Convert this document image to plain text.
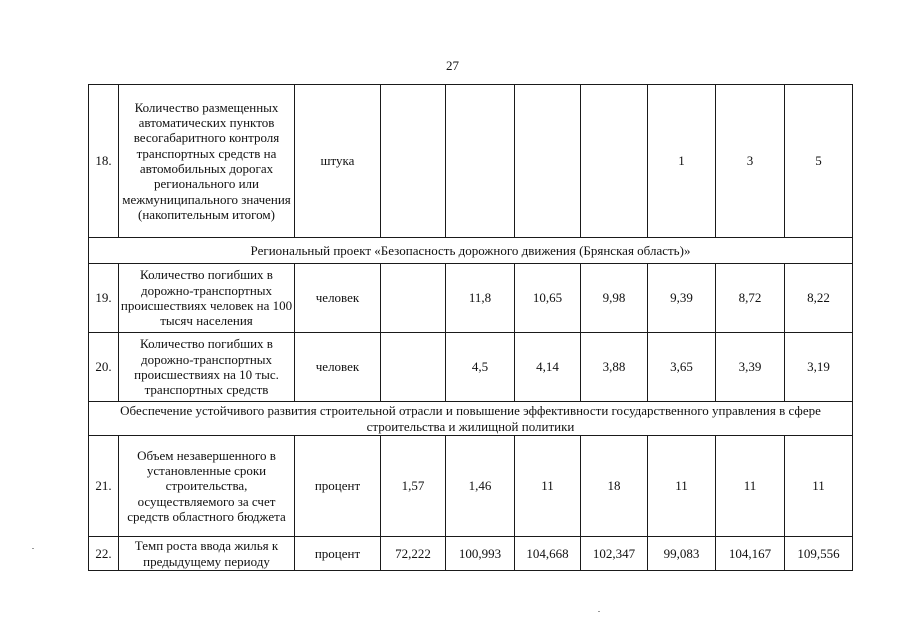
27
18.	Количество размещенных автоматических пунктов весогабаритного контроля транспортных средств на автомобильных дорогах регионального или межмуниципального значения (накопительным итогом)	штука					1	3	5
Региональный проект «Безопасность дорожного движения (Брянская область)»									
19.	Количество погибших в дорожно-транспортных происшествиях человек на 100 тысяч населения	человек		11,8	10,65	9,98	9,39	8,72	8,22
20.	Количество погибших в дорожно-транспортных происшествиях на 10 тыс. транспортных средств	человек		4,5	4,14	3,88	3,65	3,39	3,19
Обеспечение устойчивого развития строительной отрасли и повышение эффективности государственного управления в сфере строительства и жилищной политики									
21.	Объем незавершенного в установленные сроки строительства, осуществляемого за счет средств областного бюджета	процент	1,57	1,46	11	18	11	11	11
22.	Темп роста ввода жилья к предыдущему периоду	процент	72,222	100,993	104,668	102,347	99,083	104,167	109,556
